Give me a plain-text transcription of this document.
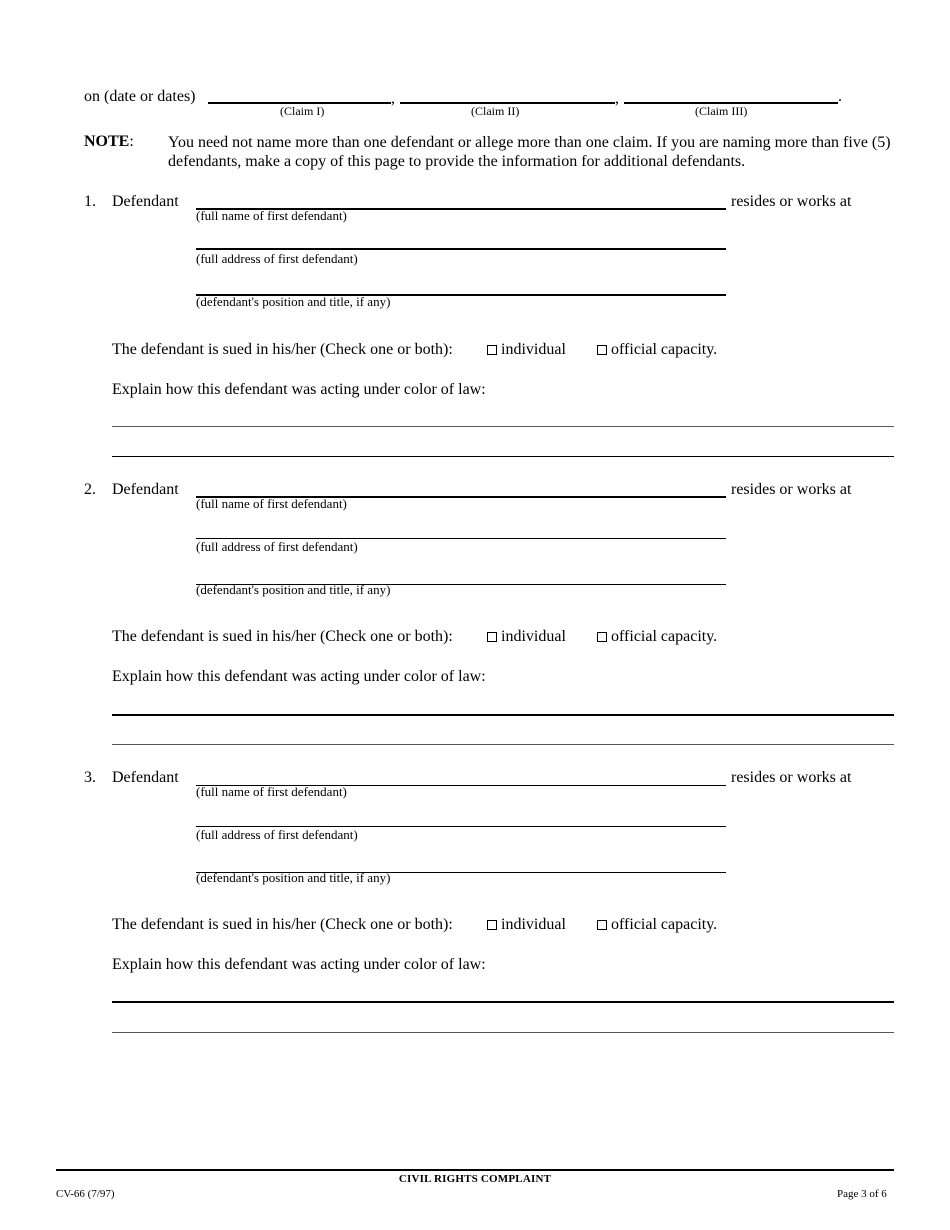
on (date or dates)	,	,	.
(Claim I)	(Claim II)	(Claim III)
NOTE: You need not name more than one defendant or allege more than one claim. If you are naming more than five (5) defendants, make a copy of this page to provide the information for additional defendants.
1. Defendant	resides or works at
(full name of first defendant)
(full address of first defendant)
(defendant's position and title, if any)
The defendant is sued in his/her (Check one or both):	individual	official capacity.
Explain how this defendant was acting under color of law:
2. Defendant	resides or works at
(full name of first defendant)
(full address of first defendant)
(defendant's position and title, if any)
The defendant is sued in his/her (Check one or both):	individual	official capacity.
Explain how this defendant was acting under color of law:
3. Defendant	resides or works at
(full name of first defendant)
(full address of first defendant)
(defendant's position and title, if any)
The defendant is sued in his/her (Check one or both):	individual	official capacity.
Explain how this defendant was acting under color of law:
CIVIL RIGHTS COMPLAINT
CV-66 (7/97)	Page 3 of 6
